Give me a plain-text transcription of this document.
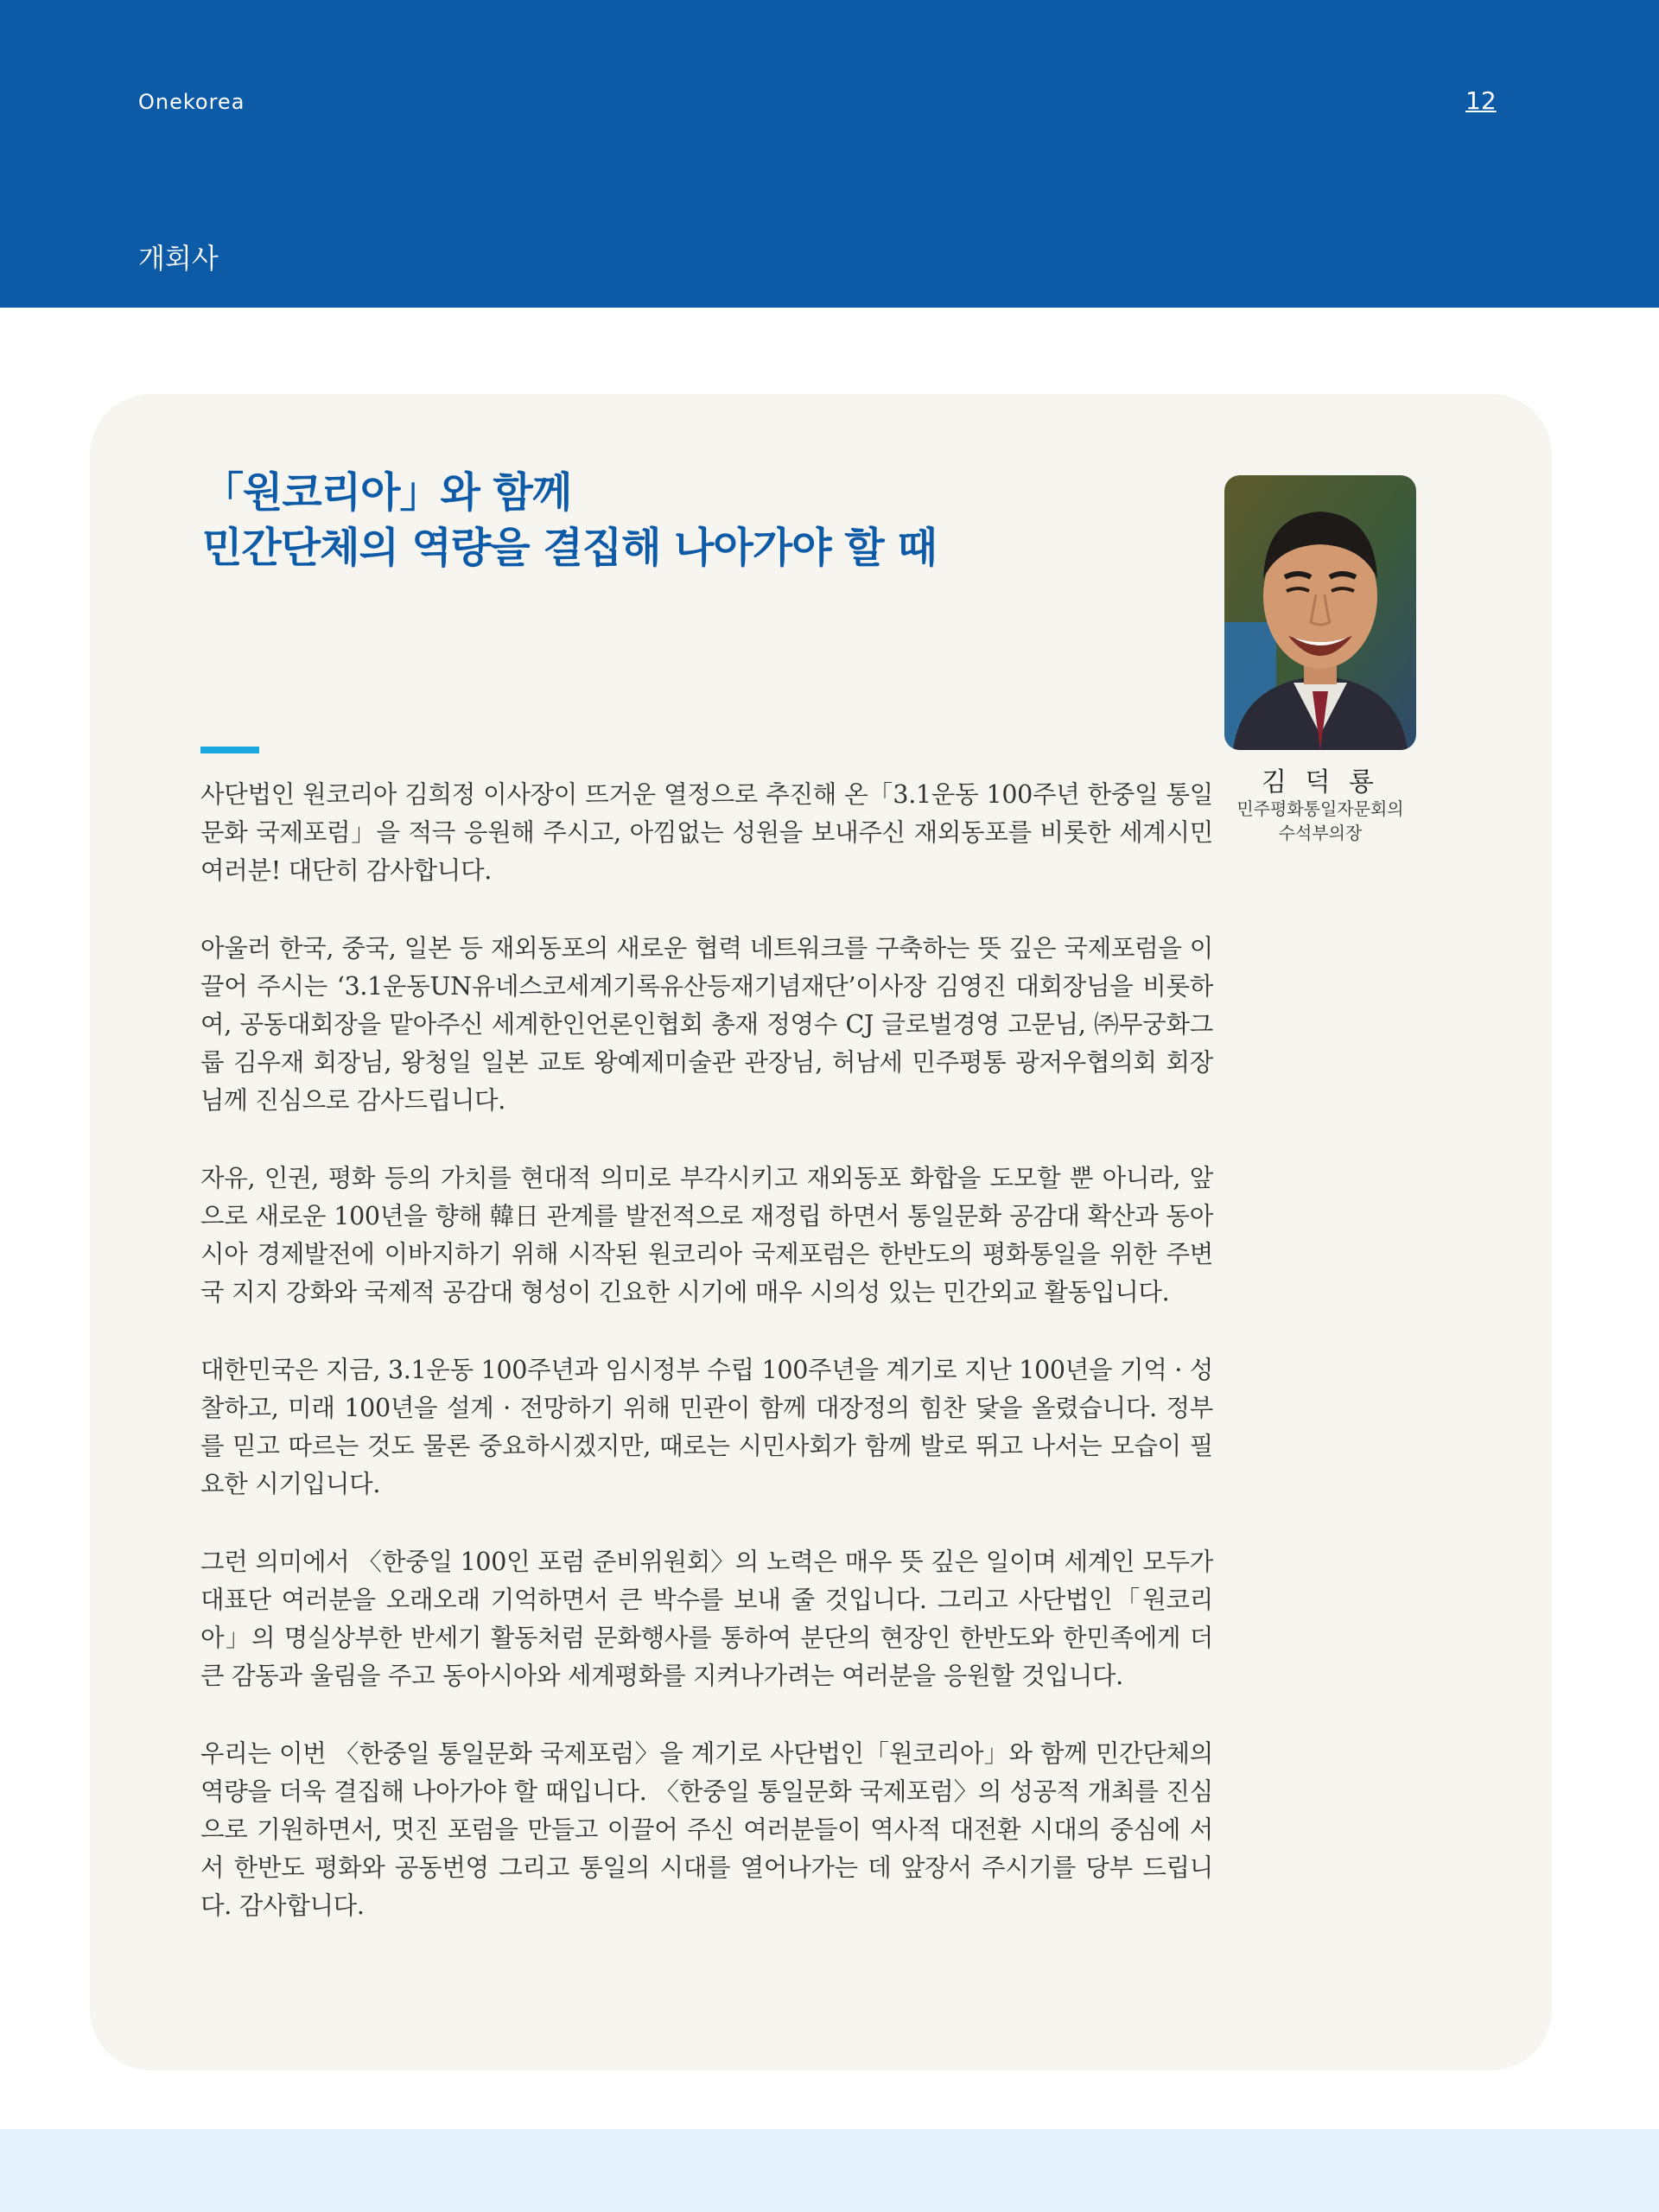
Onekorea	12
개회사
「원코리아」와 함께
민간단체의 역량을 결집해 나아가야 할 때

사단법인 원코리아 김희정 이사장이 뜨거운 열정으로 추진해 온「3.1운동 100주년 한중일 통일문화 국제포럼」을 적극 응원해 주시고, 아낌없는 성원을 보내주신 재외동포를 비롯한 세계시민 여러분! 대단히 감사합니다.

아울러 한국, 중국, 일본 등 재외동포의 새로운 협력 네트워크를 구축하는 뜻 깊은 국제포럼을 이끌어 주시는 ‘3.1운동UN유네스코세계기록유산등재기념재단’이사장 김영진 대회장님을 비롯하여, 공동대회장을 맡아주신 세계한인언론인협회 총재 정영수 CJ 글로벌경영 고문님, ㈜무궁화그룹 김우재 회장님, 왕청일 일본 교토 왕예제미술관 관장님, 허남세 민주평통 광저우협의회 회장님께 진심으로 감사드립니다.

자유, 인권, 평화 등의 가치를 현대적 의미로 부각시키고 재외동포 화합을 도모할 뿐 아니라, 앞으로 새로운 100년을 향해 韓日 관계를 발전적으로 재정립 하면서 통일문화 공감대 확산과 동아시아 경제발전에 이바지하기 위해 시작된 원코리아 국제포럼은 한반도의 평화통일을 위한 주변국 지지 강화와 국제적 공감대 형성이 긴요한 시기에 매우 시의성 있는 민간외교 활동입니다.

대한민국은 지금, 3.1운동 100주년과 임시정부 수립 100주년을 계기로 지난 100년을 기억 · 성찰하고, 미래 100년을 설계 · 전망하기 위해 민관이 함께 대장정의 힘찬 닻을 올렸습니다. 정부를 믿고 따르는 것도 물론 중요하시겠지만, 때로는 시민사회가 함께 발로 뛰고 나서는 모습이 필요한 시기입니다.

그런 의미에서 〈한중일 100인 포럼 준비위원회〉의 노력은 매우 뜻 깊은 일이며 세계인 모두가 대표단 여러분을 오래오래 기억하면서 큰 박수를 보내 줄 것입니다. 그리고 사단법인「원코리아」의 명실상부한 반세기 활동처럼 문화행사를 통하여 분단의 현장인 한반도와 한민족에게 더 큰 감동과 울림을 주고 동아시아와 세계평화를 지켜나가려는 여러분을 응원할 것입니다.

우리는 이번 〈한중일 통일문화 국제포럼〉을 계기로 사단법인「원코리아」와 함께 민간단체의 역량을 더욱 결집해 나아가야 할 때입니다. 〈한중일 통일문화 국제포럼〉의 성공적 개최를 진심으로 기원하면서, 멋진 포럼을 만들고 이끌어 주신 여러분들이 역사적 대전환 시대의 중심에 서서 한반도 평화와 공동번영 그리고 통일의 시대를 열어나가는 데 앞장서 주시기를 당부 드립니다. 감사합니다.

김 덕 룡
민주평화통일자문회의
수석부의장
